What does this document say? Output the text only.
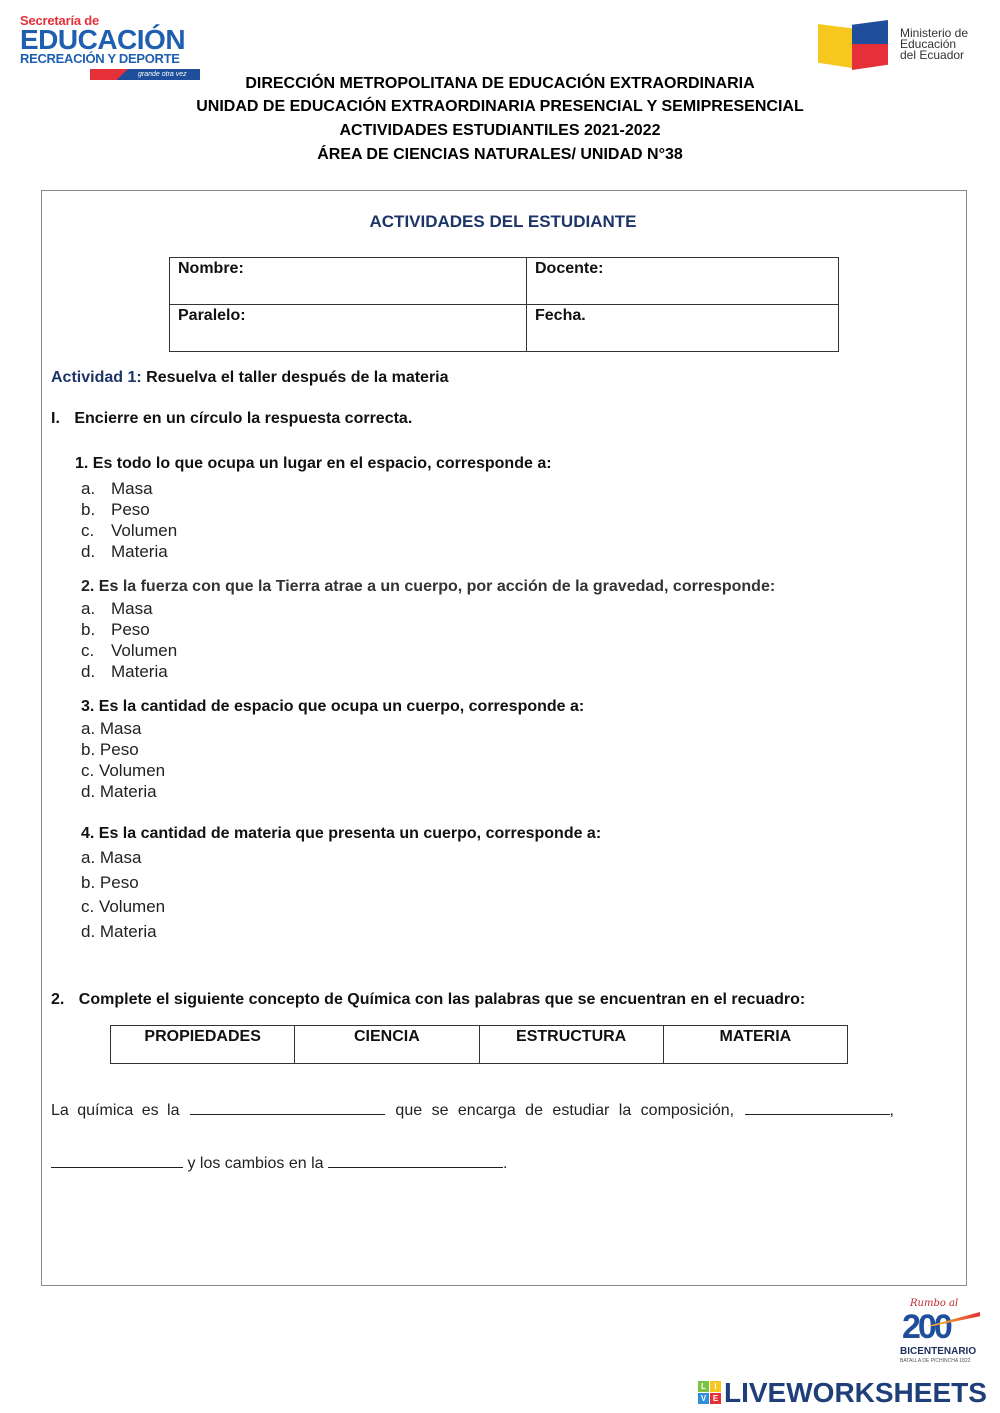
Secretaría de
EDUCACIÓN
RECREACIÓN Y DEPORTE
grande otra vez
Ministerio de
Educación
del Ecuador
DIRECCIÓN METROPOLITANA DE EDUCACIÓN EXTRAORDINARIA
UNIDAD DE EDUCACIÓN EXTRAORDINARIA PRESENCIAL Y SEMIPRESENCIAL
ACTIVIDADES ESTUDIANTILES 2021-2022
ÁREA DE CIENCIAS NATURALES/ UNIDAD N°38
ACTIVIDADES DEL ESTUDIANTE
Nombre:	Docente:
Paralelo:	Fecha.
Actividad 1: Resuelva el taller después de la materia
I. Encierre en un círculo la respuesta correcta.
1. Es todo lo que ocupa un lugar en el espacio, corresponde a:
a. Masa
b. Peso
c. Volumen
d. Materia
2. Es la fuerza con que la Tierra atrae a un cuerpo, por acción de la gravedad, corresponde:
a. Masa
b. Peso
c. Volumen
d. Materia
3. Es la cantidad de espacio que ocupa un cuerpo, corresponde a:
a. Masa
b. Peso
c. Volumen
d. Materia
4. Es la cantidad de materia que presenta un cuerpo, corresponde a:
a. Masa
b. Peso
c. Volumen
d. Materia
2. Complete el siguiente concepto de Química con las palabras que se encuentran en el recuadro:
PROPIEDADES	CIENCIA	ESTRUCTURA	MATERIA
La química es la	que se encarga de estudiar la composición,	,
y los cambios en la	.
Rumbo al
200
BICENTENARIO
BATALLA DE PICHINCHA 1822
L	I
V E LIVEWORKSHEETS
